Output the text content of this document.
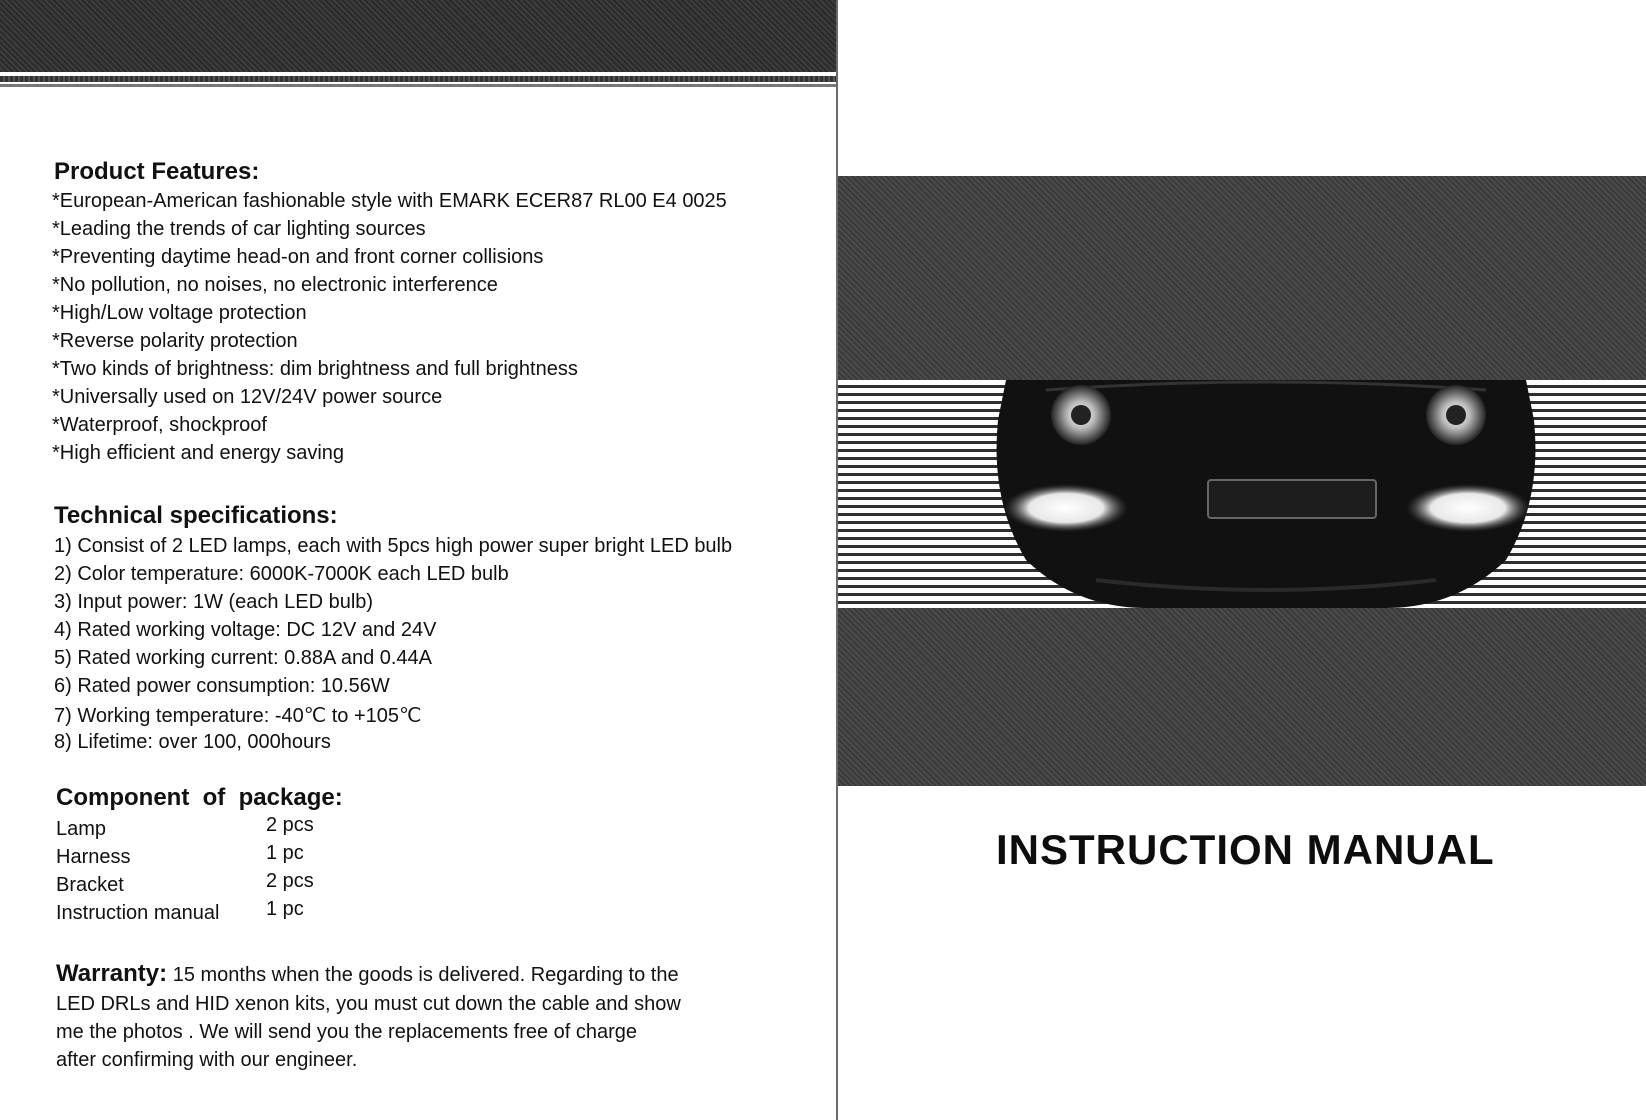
Product Features:
*European-American fashionable style with EMARK ECER87 RL00 E4 0025
*Leading the trends of car lighting sources
*Preventing daytime head-on and front corner collisions
*No pollution, no noises, no electronic interference
*High/Low voltage protection
*Reverse polarity protection
*Two kinds of brightness: dim brightness and full brightness
*Universally used on 12V/24V power source
*Waterproof, shockproof
*High efficient and energy saving
Technical specifications:
1) Consist of 2 LED lamps, each with 5pcs high power super bright LED bulb
2) Color temperature: 6000K-7000K each LED bulb
3) Input power: 1W (each LED bulb)
4) Rated working voltage: DC 12V and 24V
5) Rated working current: 0.88A and 0.44A
6) Rated power consumption: 10.56W
7) Working temperature: -40℃ to +105℃
8) Lifetime: over 100, 000hours
Component  of  package:
Lamp	2 pcs
Harness	1 pc
Bracket	2 pcs
Instruction manual 1 pc
Warranty: 15 months when the goods is delivered. Regarding to the
LED DRLs and HID xenon kits, you must cut down the cable and show
me the photos . We will send you the replacements free of charge
after confirming with our engineer.
INSTRUCTION MANUAL
